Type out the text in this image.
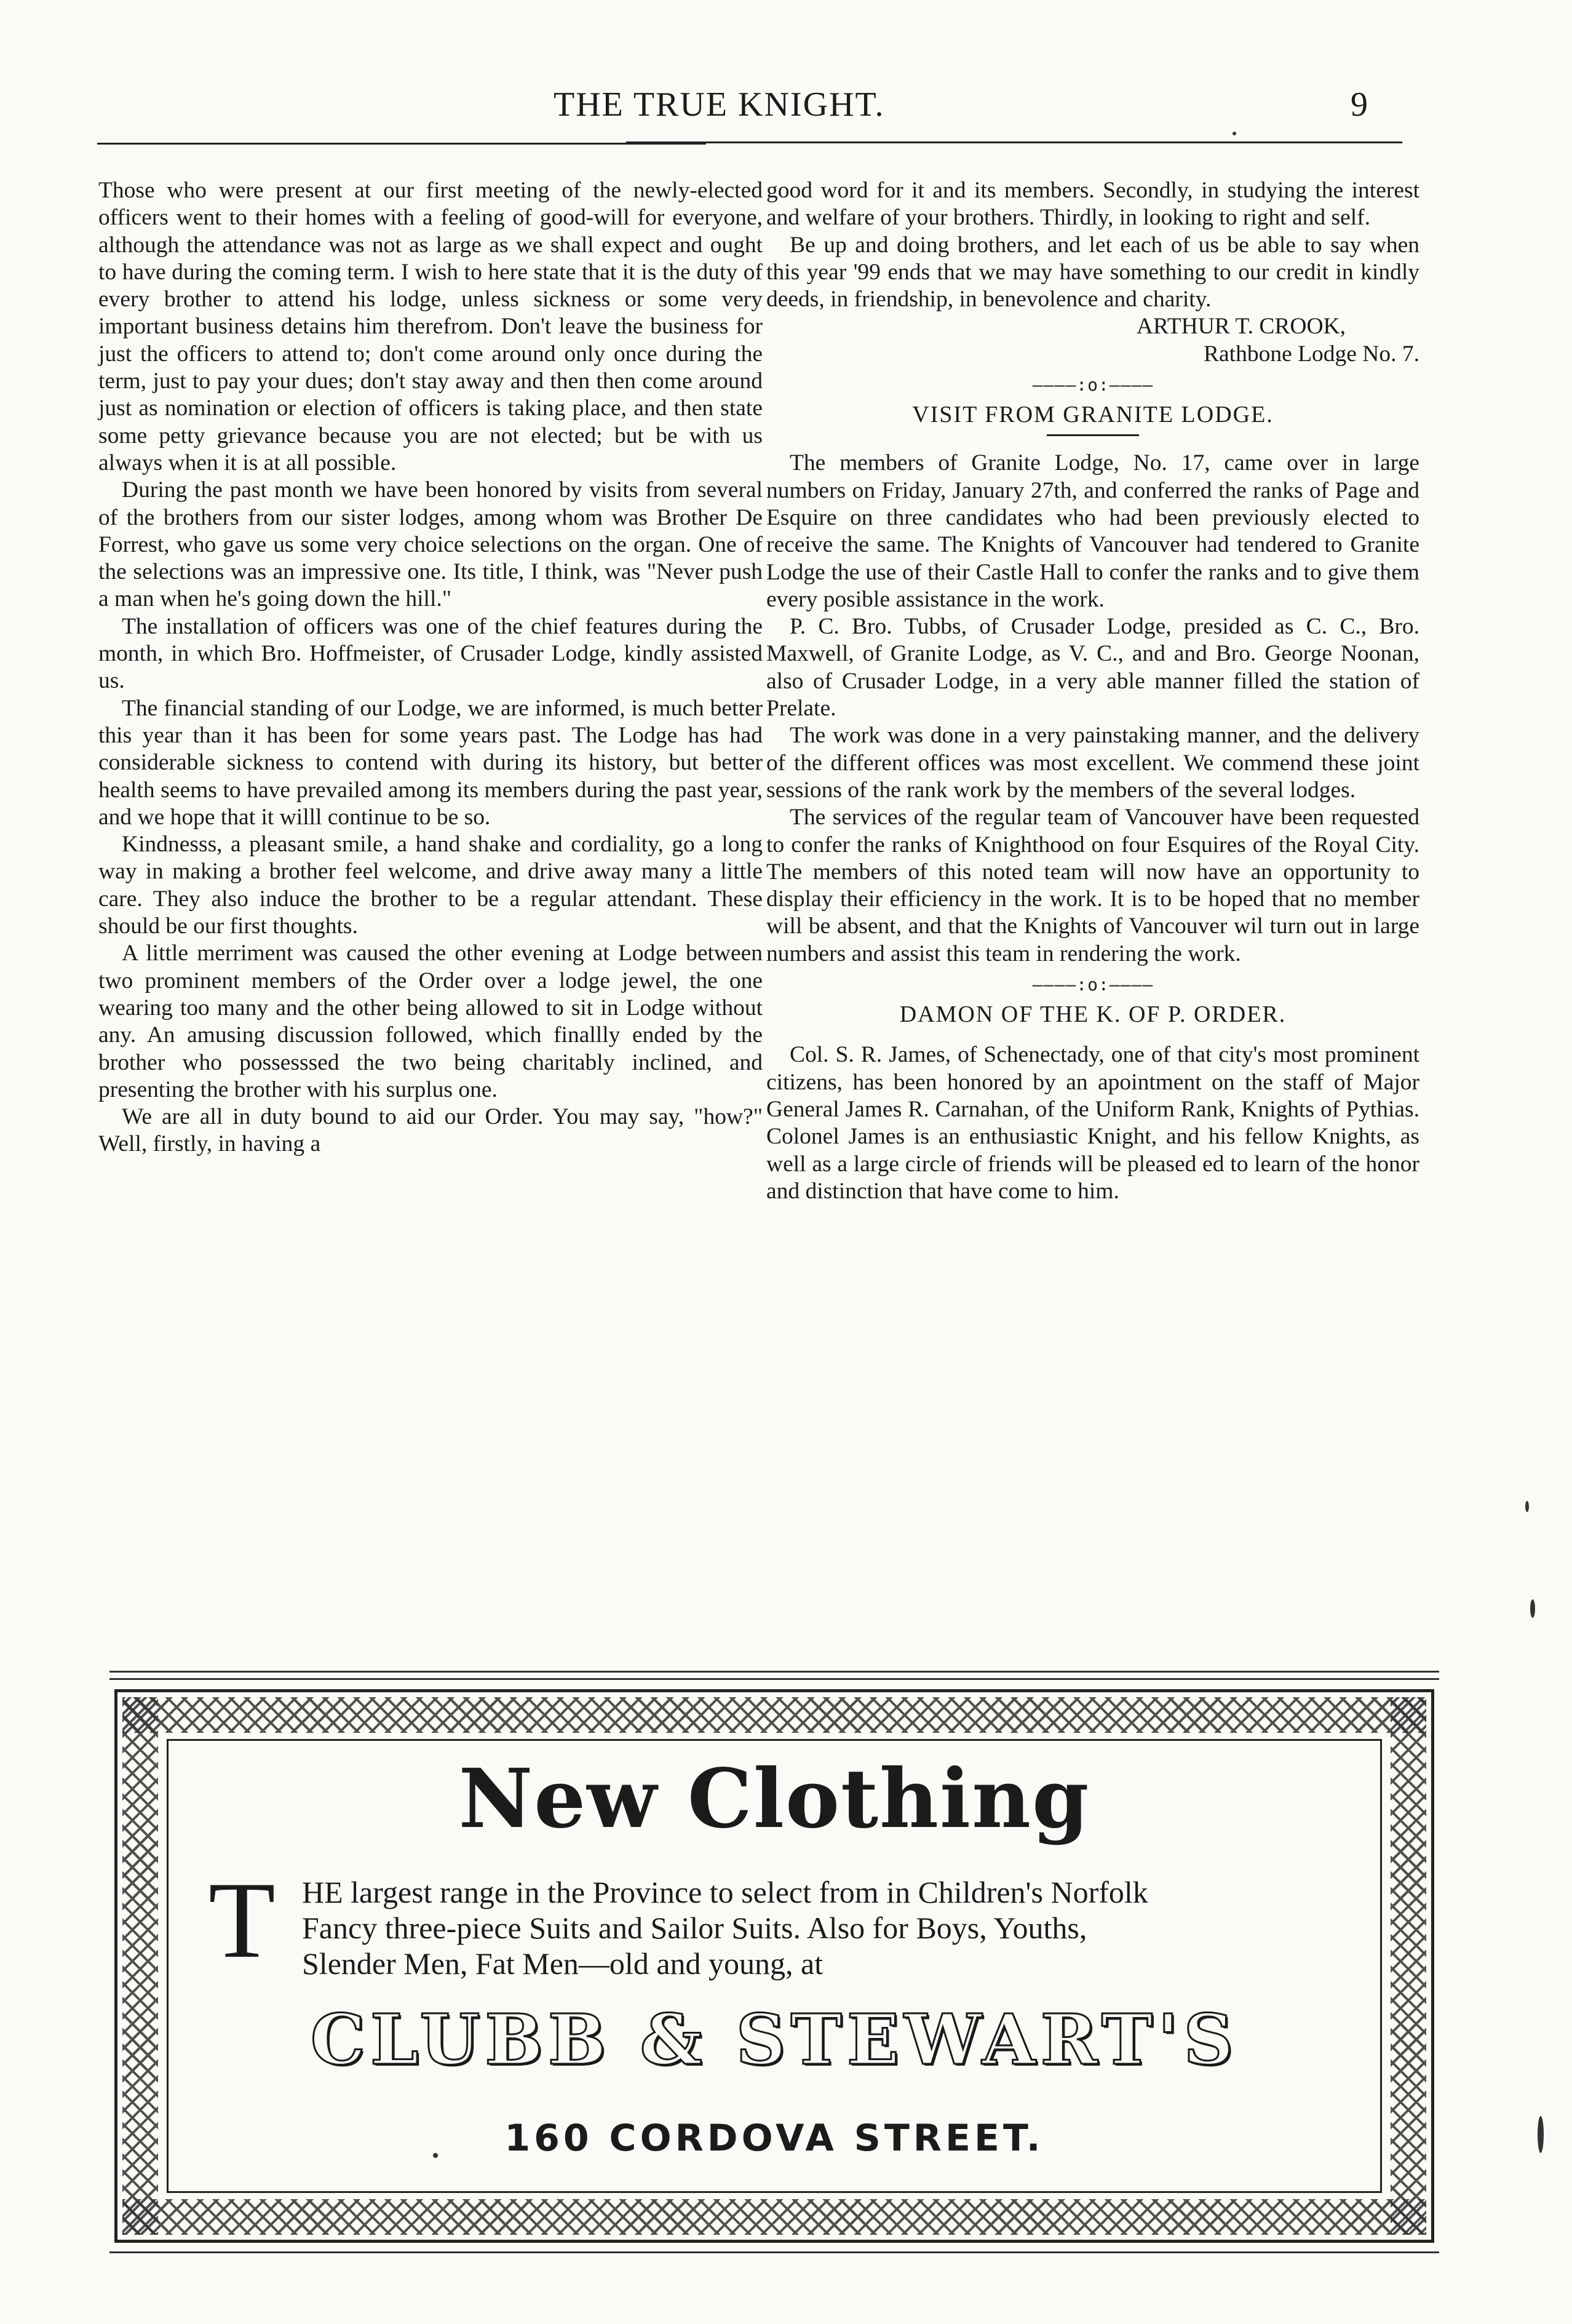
THE TRUE KNIGHT.	9

Those who were present at our first meeting of the newly-elected officers went to their homes with a feeling of good-will for everyone, although the attendance was not as large as we shall expect and ought to have during the coming term. I wish to here state that it is the duty of every brother to attend his lodge, unless sickness or some very important business detains him therefrom. Don't leave the business for just the officers to attend to; don't come around only once during the term, just to pay your dues; don't stay away and then then come around just as nomination or election of officers is taking place, and then state some petty grievance because you are not elected; but be with us always when it is at all possible.

During the past month we have been honored by visits from several of the brothers from our sister lodges, among whom was Brother De Forrest, who gave us some very choice selections on the organ. One of the selections was an impressive one. Its title, I think, was "Never push a man when he's going down the hill."

The installation of officers was one of the chief features during the month, in which Bro. Hoffmeister, of Crusader Lodge, kindly assisted us.

The financial standing of our Lodge, we are informed, is much better this year than it has been for some years past. The Lodge has had considerable sickness to contend with during its history, but better health seems to have prevailed among its members during the past year, and we hope that it willl continue to be so.

Kindnesss, a pleasant smile, a hand shake and cordiality, go a long way in making a brother feel welcome, and drive away many a little care. They also induce the brother to be a regular attendant. These should be our first thoughts.

A little merriment was caused the other evening at Lodge between two prominent members of the Order over a lodge jewel, the one wearing too many and the other being allowed to sit in Lodge without any. An amusing discussion followed, which finallly ended by the brother who possesssed the two being charitably inclined, and presenting the brother with his surplus one.

We are all in duty bound to aid our Order. You may say, "how?" Well, firstly, in having a

good word for it and its members. Secondly, in studying the interest and welfare of your brothers. Thirdly, in looking to right and self.

Be up and doing brothers, and let each of us be able to say when this year '99 ends that we may have something to our credit in kindly deeds, in friendship, in benevolence and charity.

ARTHUR T. CROOK,

Rathbone Lodge No. 7.

————:o:————
VISIT FROM GRANITE LODGE.

The members of Granite Lodge, No. 17, came over in large numbers on Friday, January 27th, and conferred the ranks of Page and Esquire on three candidates who had been previously elected to receive the same. The Knights of Vancouver had tendered to Granite Lodge the use of their Castle Hall to confer the ranks and to give them every posible assistance in the work.

P. C. Bro. Tubbs, of Crusader Lodge, presided as C. C., Bro. Maxwell, of Granite Lodge, as V. C., and and Bro. George Noonan, also of Crusader Lodge, in a very able manner filled the station of Prelate.

The work was done in a very painstaking manner, and the delivery of the different offices was most excellent. We commend these joint sessions of the rank work by the members of the several lodges.

The services of the regular team of Vancouver have been requested to confer the ranks of Knighthood on four Esquires of the Royal City. The members of this noted team will now have an opportunity to display their efficiency in the work. It is to be hoped that no member will be absent, and that the Knights of Vancouver wil turn out in large numbers and assist this team in rendering the work.

————:o:————
DAMON OF THE K. OF P. ORDER.

Col. S. R. James, of Schenectady, one of that city's most prominent citizens, has been honored by an apointment on the staff of Major General James R. Carnahan, of the Uniform Rank, Knights of Pythias. Colonel James is an enthusiastic Knight, and his fellow Knights, as well as a large circle of friends will be pleased ed to learn of the honor and distinction that have come to him.

New Clothing
T HE largest range in the Province to select from in Children's Norfolk
Fancy three-piece Suits and Sailor Suits. Also for Boys, Youths,
Slender Men, Fat Men—old and young, at
CLUBB & STEWART'S
160 CORDOVA STREET.
